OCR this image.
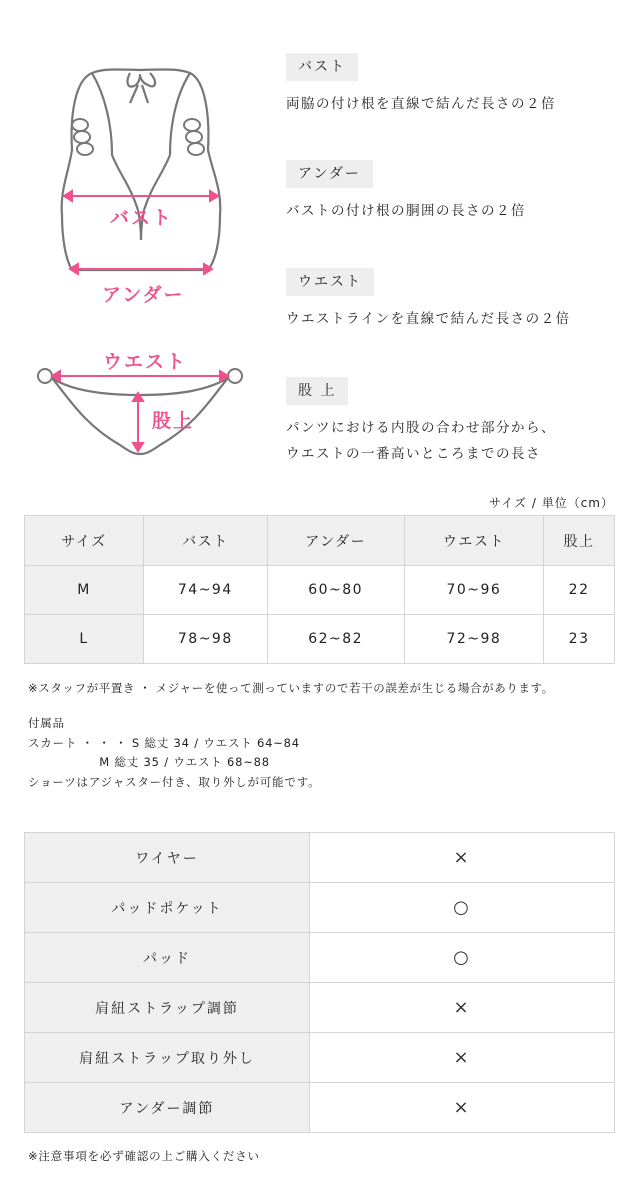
バスト
アンダー
ウエスト
股上
バスト
両脇の付け根を直線で結んだ長さの２倍
アンダー
バストの付け根の胴囲の長さの２倍
ウエスト
ウエストラインを直線で結んだ長さの２倍
股 上
パンツにおける内股の合わせ部分から、
ウエストの一番高いところまでの長さ
サイズ / 単位（cm）
サイズ	バスト	アンダー	ウエスト	股上
M	74~94	60~80	70~96	22
L	78~98	62~82	72~98	23
※スタッフが平置き ・ メジャーを使って測っていますので若干の誤差が生じる場合があります。
付属品
スカート ・ ・ ・ S 総丈 34 / ウエスト 64~84
M 総丈 35 / ウエスト 68~88
ショーツはアジャスター付き、取り外しが可能です。
ワイヤー	×
パッドポケット	○
パッド	○
肩紐ストラップ調節	×
肩紐ストラップ取り外し	×
アンダー調節	×
※注意事項を必ず確認の上ご購入ください
